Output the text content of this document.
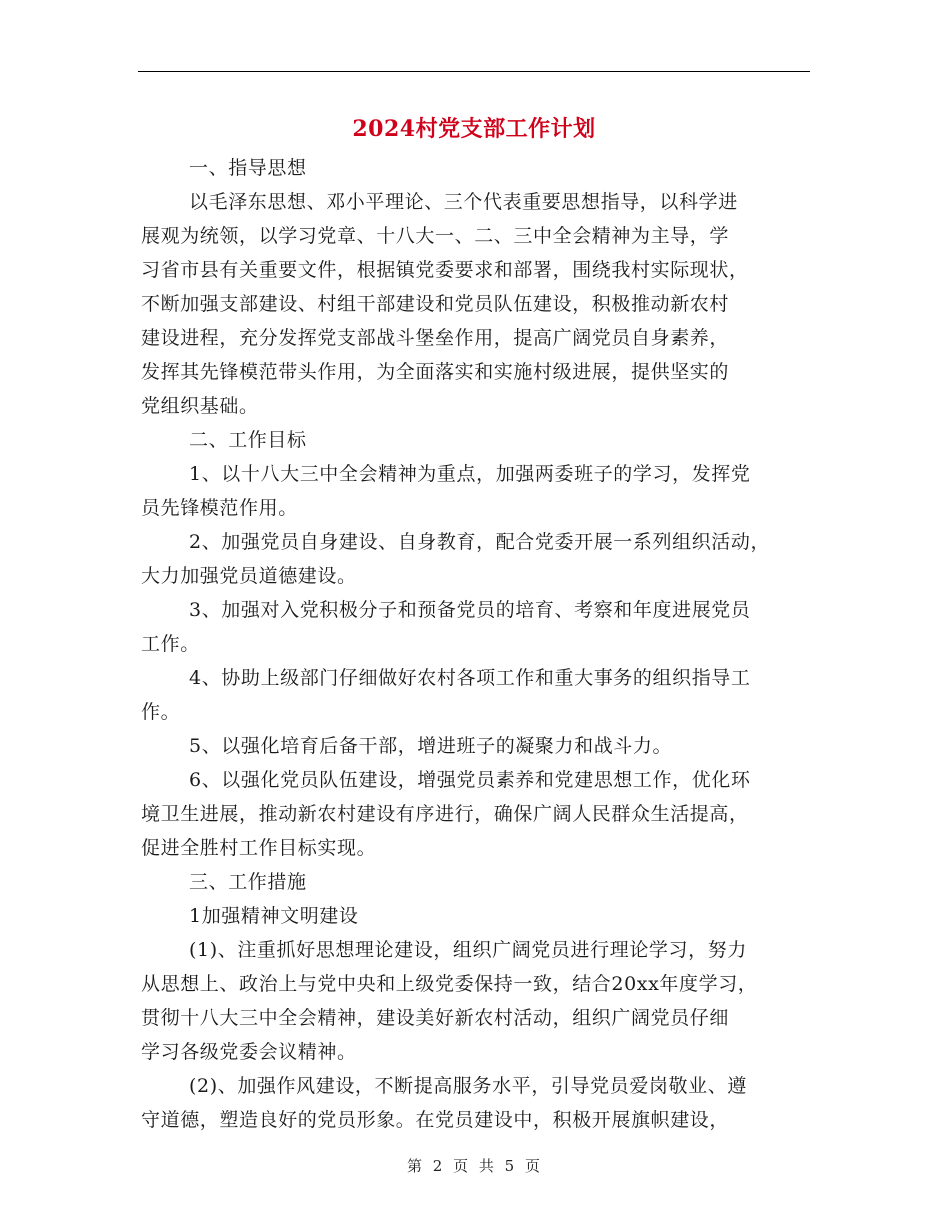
2024村党支部工作计划
一、指导思想
以毛泽东思想、邓小平理论、三个代表重要思想指导，以科学进
展观为统领，以学习党章、十八大一、二、三中全会精神为主导，学
习省市县有关重要文件，根据镇党委要求和部署，围绕我村实际现状，
不断加强支部建设、村组干部建设和党员队伍建设，积极推动新农村
建设进程，充分发挥党支部战斗堡垒作用，提高广阔党员自身素养，
发挥其先锋模范带头作用，为全面落实和实施村级进展，提供坚实的
党组织基础。
二、工作目标
1、以十八大三中全会精神为重点，加强两委班子的学习，发挥党
员先锋模范作用。
2、加强党员自身建设、自身教育，配合党委开展一系列组织活动，
大力加强党员道德建设。
3、加强对入党积极分子和预备党员的培育、考察和年度进展党员
工作。
4、协助上级部门仔细做好农村各项工作和重大事务的组织指导工
作。
5、以强化培育后备干部，增进班子的凝聚力和战斗力。
6、以强化党员队伍建设，增强党员素养和党建思想工作，优化环
境卫生进展，推动新农村建设有序进行，确保广阔人民群众生活提高，
促进全胜村工作目标实现。
三、工作措施
1加强精神文明建设
(1)、注重抓好思想理论建设，组织广阔党员进行理论学习，努力
从思想上、政治上与党中央和上级党委保持一致，结合20xx年度学习，
贯彻十八大三中全会精神，建设美好新农村活动，组织广阔党员仔细
学习各级党委会议精神。
(2)、加强作风建设，不断提高服务水平，引导党员爱岗敬业、遵
守道德，塑造良好的党员形象。在党员建设中，积极开展旗帜建设，
第 2 页 共 5 页
